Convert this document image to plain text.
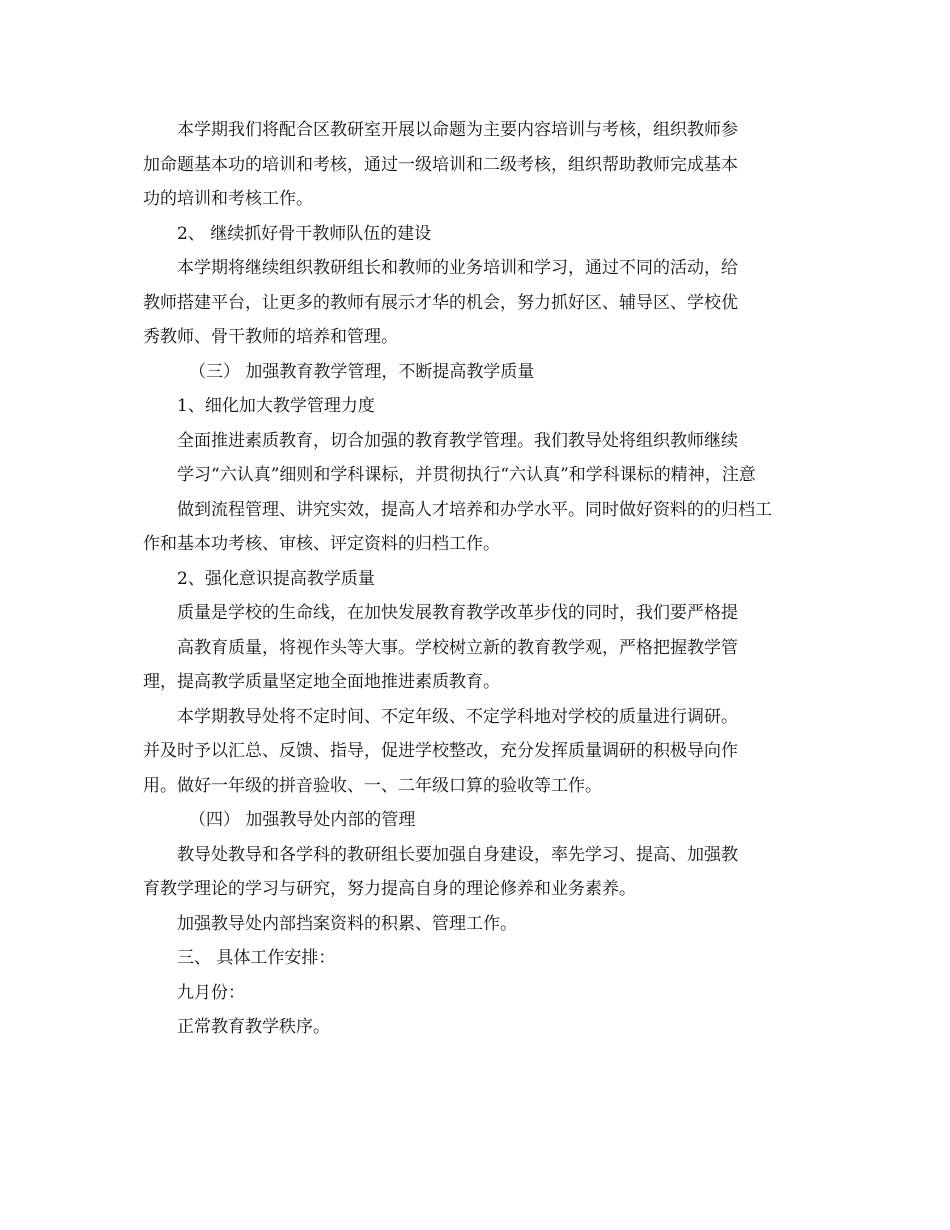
本学期我们将配合区教研室开展以命题为主要内容培训与考核，组织教师参
加命题基本功的培训和考核，通过一级培训和二级考核，组织帮助教师完成基本
功的培训和考核工作。
2、 继续抓好骨干教师队伍的建设
本学期将继续组织教研组长和教师的业务培训和学习，通过不同的活动，给
教师搭建平台，让更多的教师有展示才华的机会，努力抓好区、辅导区、学校优
秀教师、骨干教师的培养和管理。
（三） 加强教育教学管理，不断提高教学质量
1、细化加大教学管理力度
全面推进素质教育，切合加强的教育教学管理。我们教导处将组织教师继续
学习“六认真”细则和学科课标，并贯彻执行“六认真”和学科课标的精神，注意
做到流程管理、讲究实效，提高人才培养和办学水平。同时做好资料的的归档工
作和基本功考核、审核、评定资料的归档工作。
2、强化意识提高教学质量
质量是学校的生命线，在加快发展教育教学改革步伐的同时，我们要严格提
高教育质量，将视作头等大事。学校树立新的教育教学观，严格把握教学管
理，提高教学质量坚定地全面地推进素质教育。
本学期教导处将不定时间、不定年级、不定学科地对学校的质量进行调研。
并及时予以汇总、反馈、指导，促进学校整改，充分发挥质量调研的积极导向作
用。做好一年级的拼音验收、一、二年级口算的验收等工作。
（四） 加强教导处内部的管理
教导处教导和各学科的教研组长要加强自身建设，率先学习、提高、加强教
育教学理论的学习与研究，努力提高自身的理论修养和业务素养。
加强教导处内部挡案资料的积累、管理工作。
三、 具体工作安排：
九月份：
正常教育教学秩序。
